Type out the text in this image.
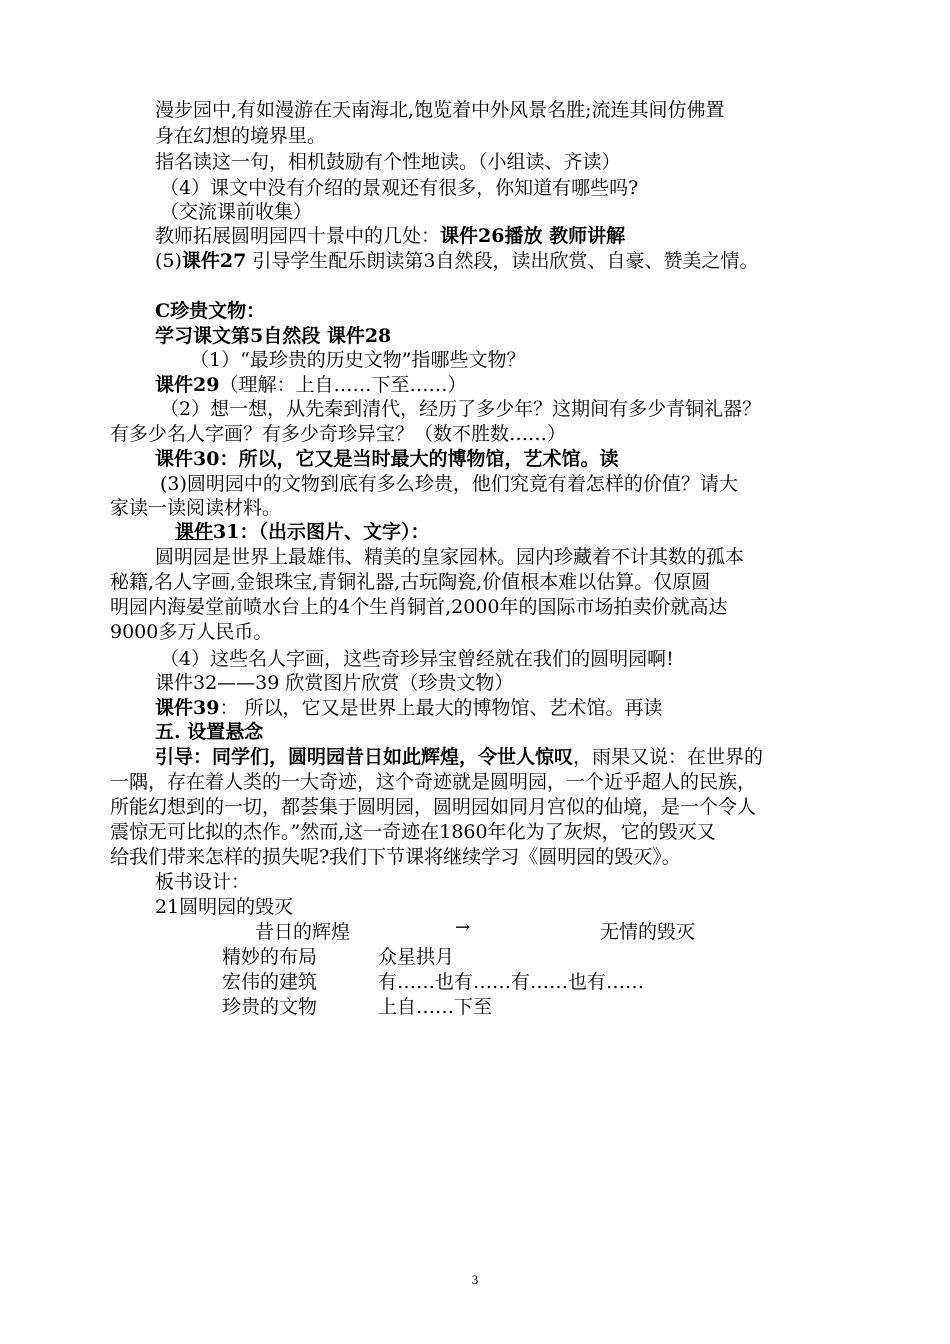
漫步园中,有如漫游在天南海北,饱览着中外风景名胜;流连其间仿佛置
身在幻想的境界里。
指名读这一句，相机鼓励有个性地读。（小组读、齐读）
（4）课文中没有介绍的景观还有很多，你知道有哪些吗?
（交流课前收集）
教师拓展圆明园四十景中的几处：课件26播放 教师讲解
(5)课件27 引导学生配乐朗读第3自然段，读出欣赏、自豪、赞美之情。
C珍贵文物：
学习课文第5自然段 课件28
（1）“最珍贵的历史文物”指哪些文物？
课件29（理解：上自……下至……）
（2）想一想，从先秦到清代，经历了多少年？这期间有多少青铜礼器？
有多少名人字画？有多少奇珍异宝？（数不胜数……）
课件30：所以，它又是当时最大的博物馆，艺术馆。读
(3)圆明园中的文物到底有多么珍贵，他们究竟有着怎样的价值？请大
家读一读阅读材料。
课件31：（出示图片、文字）：
圆明园是世界上最雄伟、精美的皇家园林。园内珍藏着不计其数的孤本
秘籍,名人字画,金银珠宝,青铜礼器,古玩陶瓷,价值根本难以估算。仅原圆
明园内海晏堂前喷水台上的4个生肖铜首,2000年的国际市场拍卖价就高达
9000多万人民币。
（4）这些名人字画，这些奇珍异宝曾经就在我们的圆明园啊!
课件32——39 欣赏图片欣赏（珍贵文物）
课件39： 所以，它又是世界上最大的博物馆、艺术馆。再读
五. 设置悬念
引导：同学们，圆明园昔日如此辉煌，令世人惊叹，雨果又说：在世界的
一隅，存在着人类的一大奇迹，这个奇迹就是圆明园，一个近乎超人的民族，
所能幻想到的一切，都荟集于圆明园，圆明园如同月宫似的仙境，是一个令人
震惊无可比拟的杰作。”然而,这一奇迹在1860年化为了灰烬，它的毁灭又
给我们带来怎样的损失呢?我们下节课将继续学习《圆明园的毁灭》。
板书设计：
21圆明园的毁灭
昔日的辉煌	→	无情的毁灭
精妙的布局	众星拱月
宏伟的建筑	有……也有……有……也有……
珍贵的文物	上自……下至
3
